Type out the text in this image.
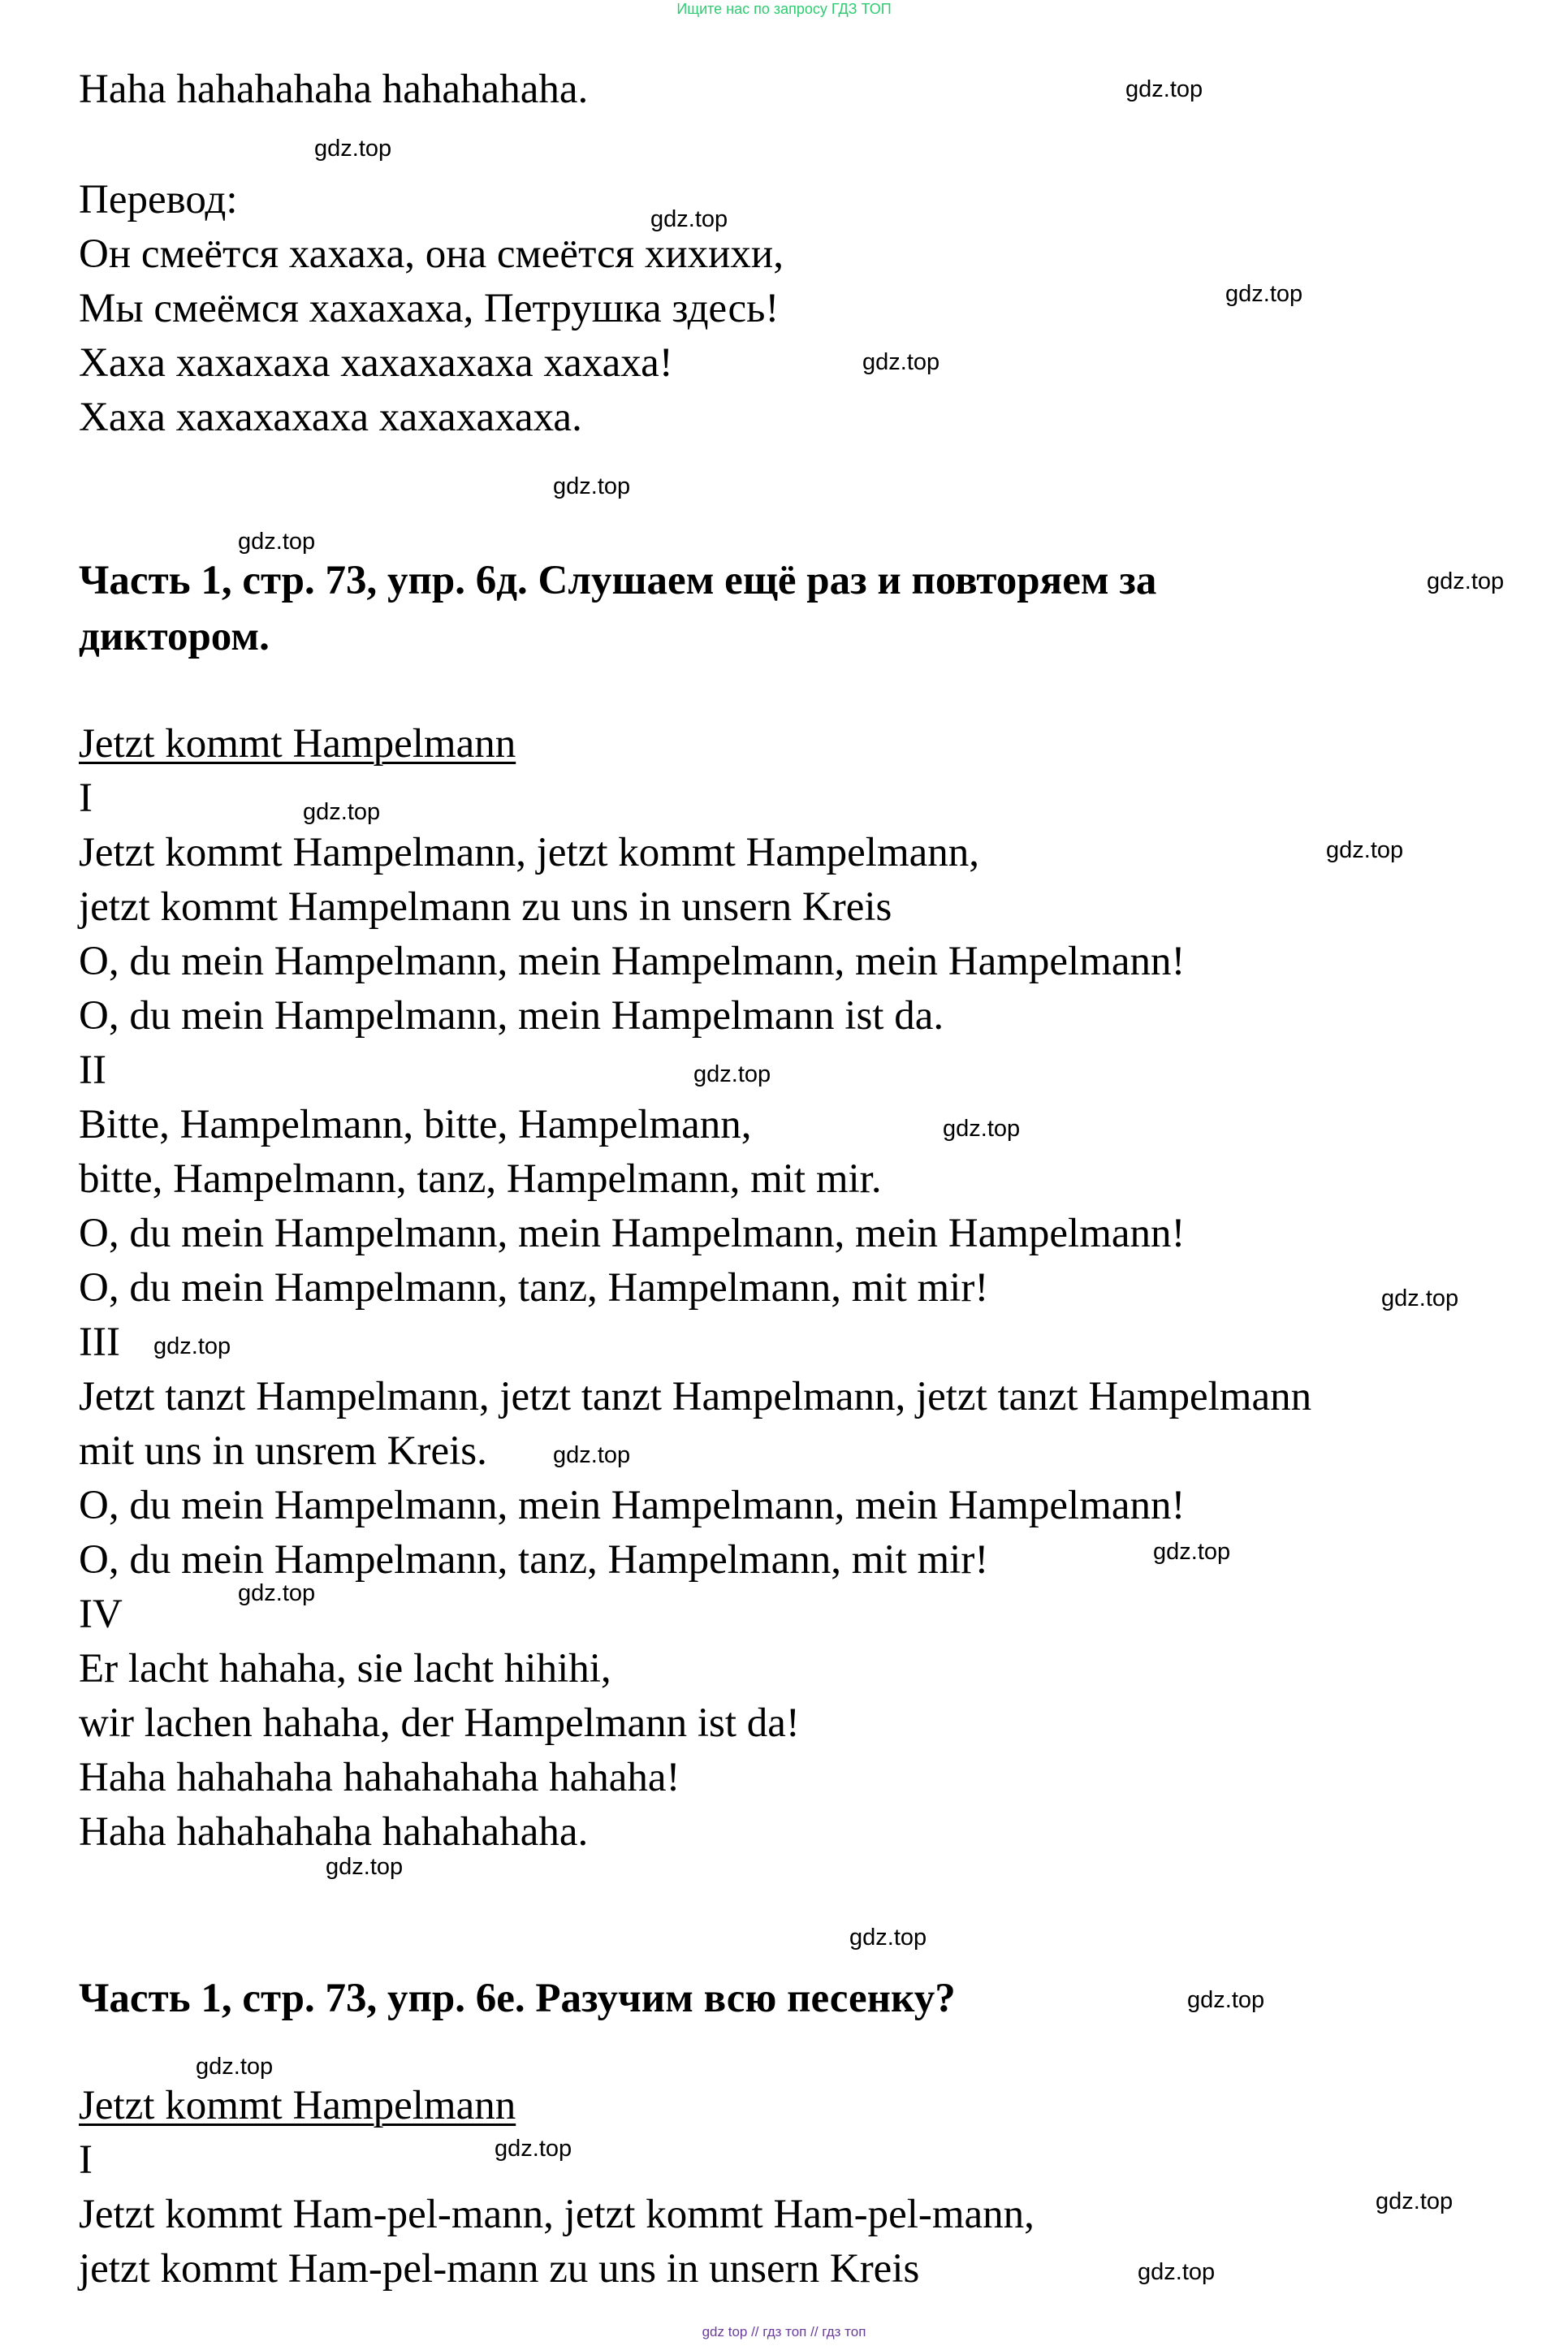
Ищите нас по запросу ГДЗ ТОП
Haha hahahahaha hahahahaha.
Перевод:
Он смеётся хахаха, она смеётся хихихи,
Мы смеёмся хахахаха, Петрушка здесь!
Хаха хахахаха хахахахаха хахаха!
Хаха хахахахаха хахахахаха.
Часть 1, стр. 73, упр. 6д. Слушаем ещё раз и повторяем за
диктором.
Jetzt kommt Hampelmann
I
Jetzt kommt Hampelmann, jetzt kommt Hampelmann,
jetzt kommt Hampelmann zu uns in unsern Kreis
O, du mein Hampelmann, mein Hampelmann, mein Hampelmann!
O, du mein Hampelmann, mein Hampelmann ist da.
II
Bitte, Hampelmann, bitte, Hampelmann,
bitte, Hampelmann, tanz, Hampelmann, mit mir.
O, du mein Hampelmann, mein Hampelmann, mein Hampelmann!
O, du mein Hampelmann, tanz, Hampelmann, mit mir!
III
Jetzt tanzt Hampelmann, jetzt tanzt Hampelmann, jetzt tanzt Hampelmann
mit uns in unsrem Kreis.
O, du mein Hampelmann, mein Hampelmann, mein Hampelmann!
O, du mein Hampelmann, tanz, Hampelmann, mit mir!
IV
Er lacht hahaha, sie lacht hihihi,
wir lachen hahaha, der Hampelmann ist da!
Haha hahahaha hahahahaha hahaha!
Haha hahahahaha hahahahaha.
Часть 1, стр. 73, упр. 6е. Разучим всю песенку?
Jetzt kommt Hampelmann
I
Jetzt kommt Ham-pel-mann, jetzt kommt Ham-pel-mann,
jetzt kommt Ham-pel-mann zu uns in unsern Kreis
gdz.top
gdz.top
gdz.top
gdz.top
gdz.top
gdz.top
gdz.top
gdz.top
gdz.top
gdz.top
gdz.top
gdz.top
gdz.top
gdz.top
gdz.top
gdz.top
gdz.top
gdz.top
gdz.top
gdz.top
gdz.top
gdz.top
gdz.top
gdz.top
gdz top // гдз топ // гдз топ
